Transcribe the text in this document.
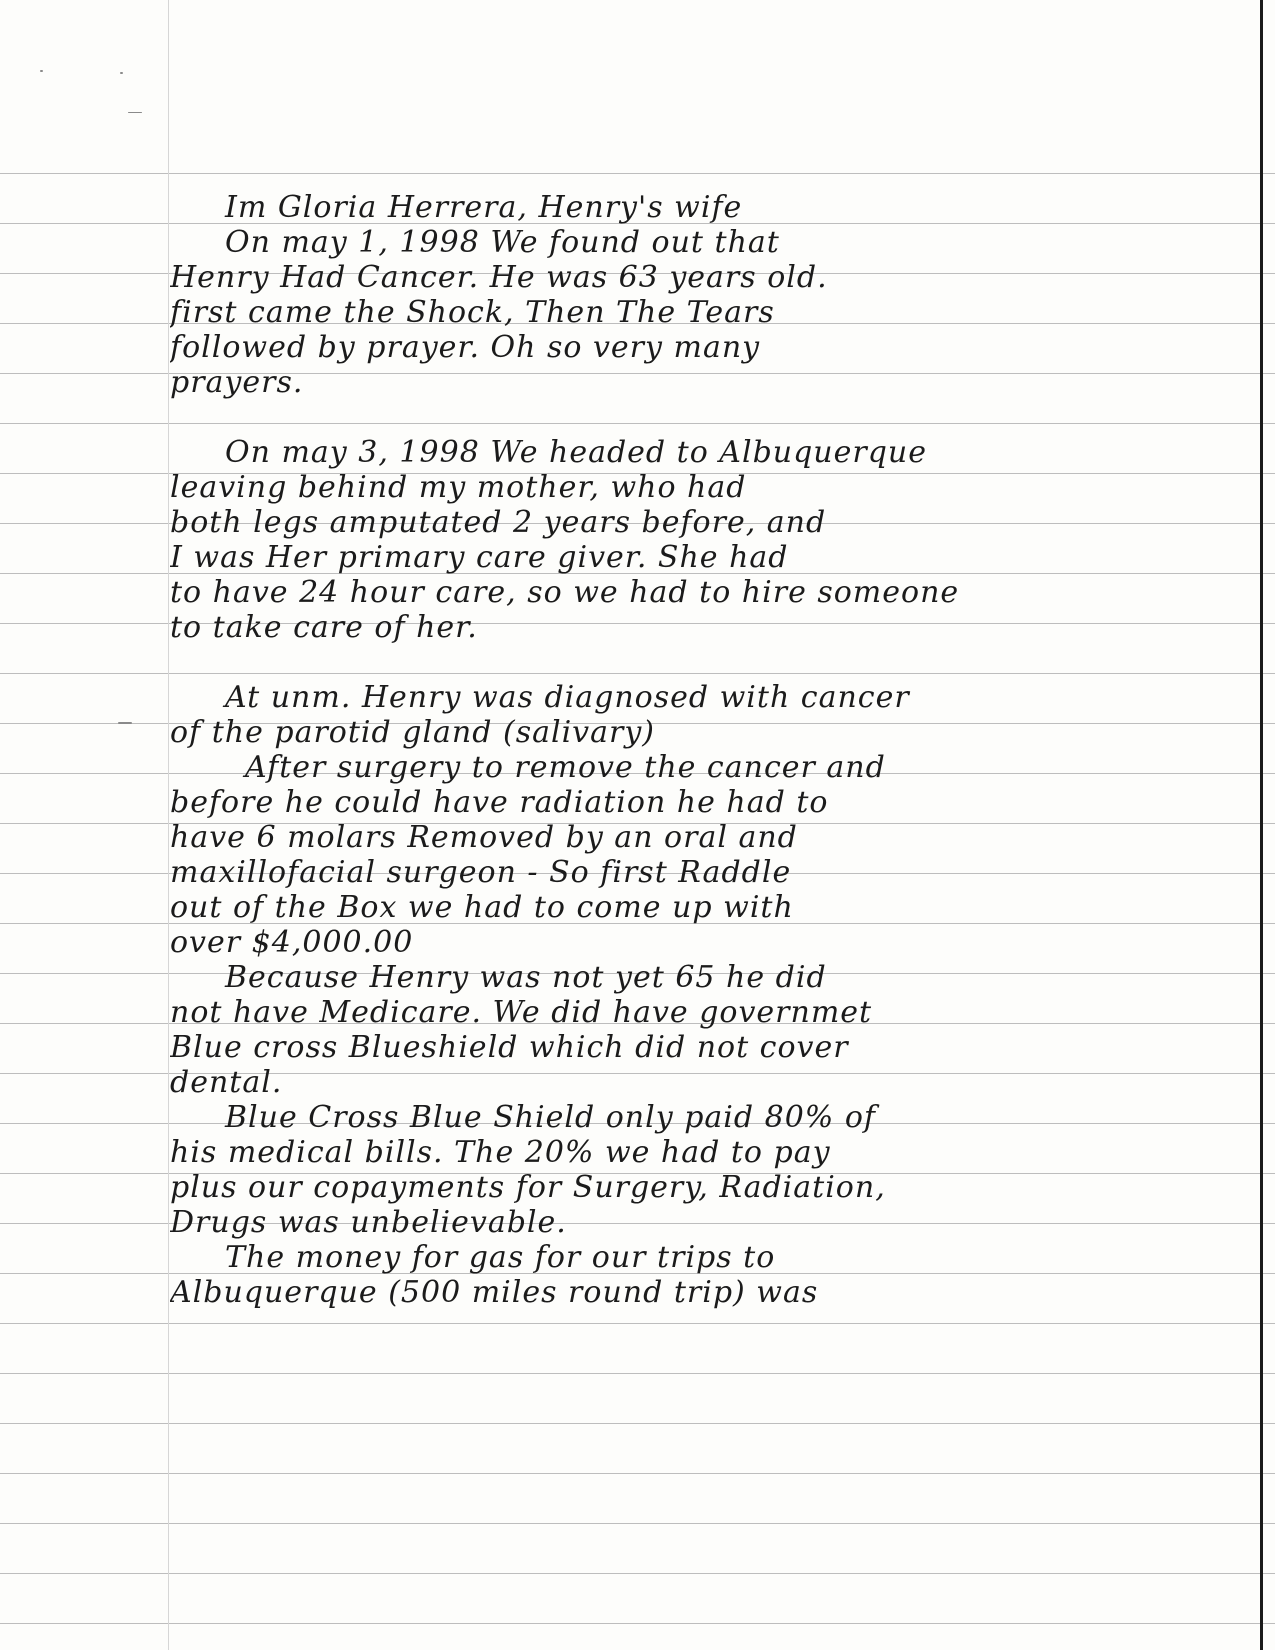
Im Gloria Herrera, Henry's wife
On may 1, 1998 We found out that
Henry Had Cancer. He was 63 years old.
first came the Shock, Then The Tears
followed by prayer. Oh so very many
prayers.
On may 3, 1998 We headed to Albuquerque
leaving behind my mother, who had
both legs amputated 2 years before, and
I was Her primary care giver. She had
to have 24 hour care, so we had to hire someone
to take care of her.
At unm. Henry was diagnosed with cancer
of the parotid gland (salivary)
After surgery to remove the cancer and
before he could have radiation he had to
have 6 molars Removed by an oral and
maxillofacial surgeon - So first Raddle
out of the Box we had to come up with
over $4,000.00
Because Henry was not yet 65 he did
not have Medicare. We did have governmet
Blue cross Blueshield which did not cover
dental.
Blue Cross Blue Shield only paid 80% of
his medical bills. The 20% we had to pay
plus our copayments for Surgery, Radiation,
Drugs was unbelievable.
The money for gas for our trips to
Albuquerque (500 miles round trip) was
